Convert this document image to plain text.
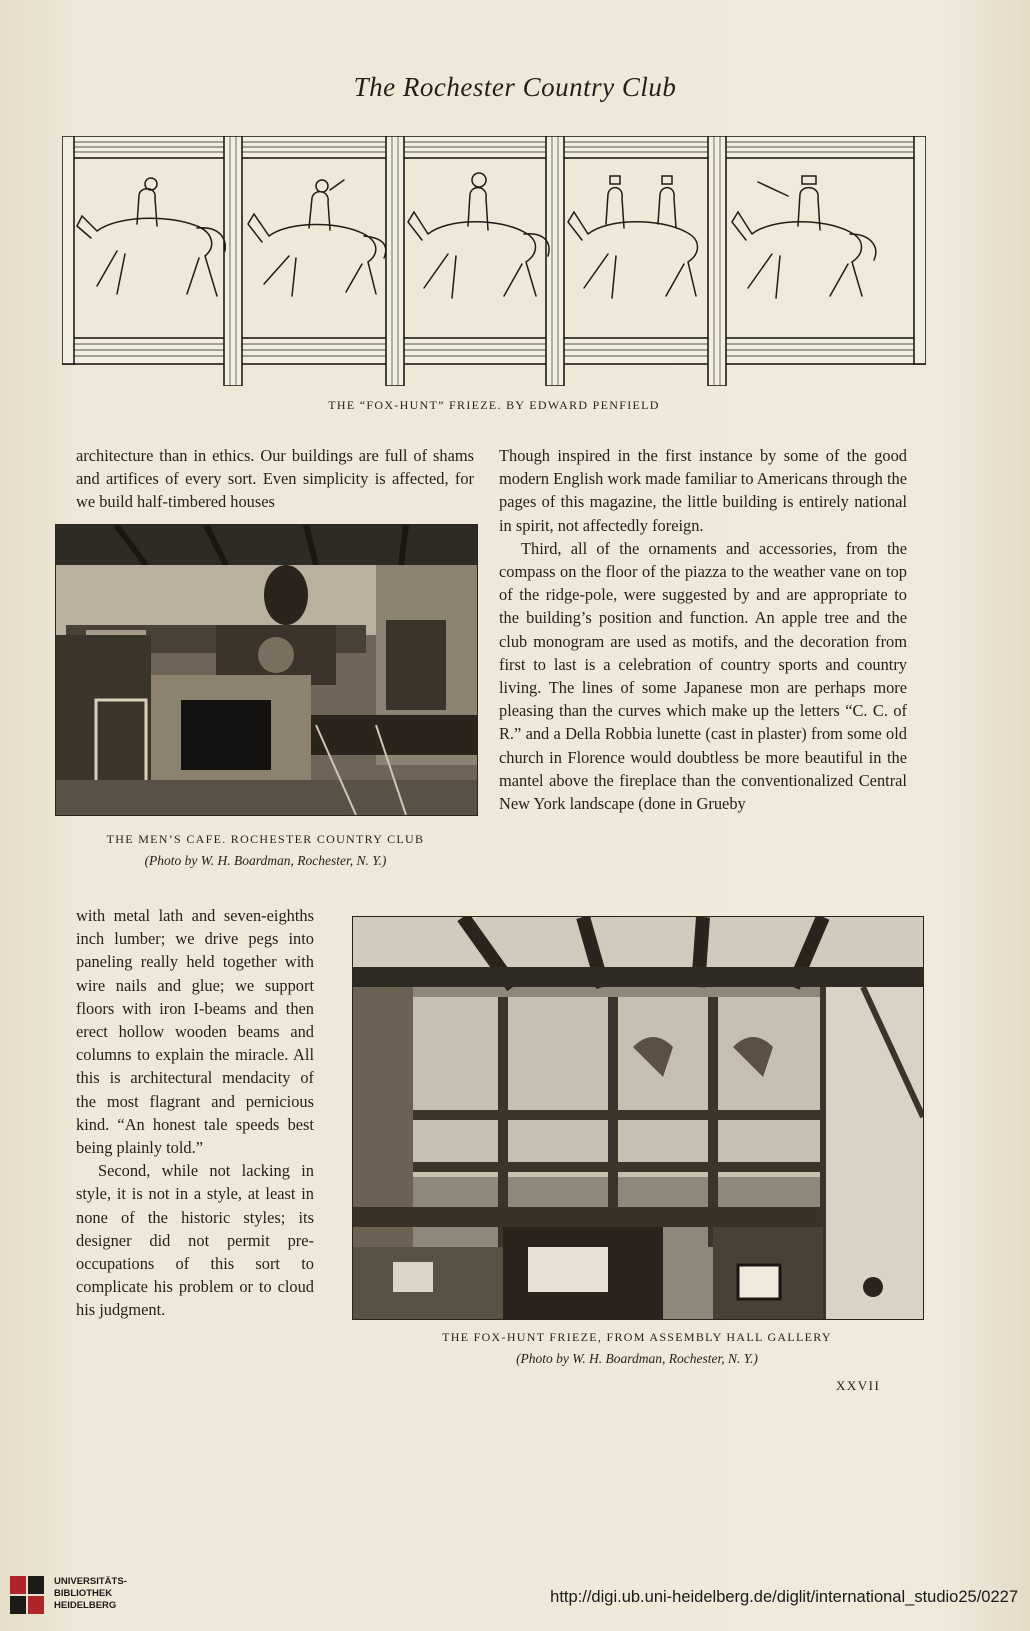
The Rochester Country Club
THE “FOX-HUNT” FRIEZE. BY EDWARD PENFIELD

architecture than in ethics. Our buildings are full of shams and artifices of every sort. Even simplicity is affected, for we build half-timbered houses

THE MEN’S CAFE. ROCHESTER COUNTRY CLUB
(Photo by W. H. Boardman, Rochester, N. Y.)

Though inspired in the first instance by some of the good modern English work made familiar to Americans through the pages of this magazine, the little building is entirely national in spirit, not affectedly foreign.

Third, all of the ornaments and accessories, from the compass on the floor of the piazza to the weather vane on top of the ridge-pole, were suggested by and are appropriate to the building’s position and function. An apple tree and the club monogram are used as motifs, and the decoration from first to last is a celebration of country sports and country living. The lines of some Japanese mon are perhaps more pleasing than the curves which make up the letters “C. C. of R.” and a Della Robbia lunette (cast in plaster) from some old church in Florence would doubtless be more beautiful in the mantel above the fireplace than the conventionalized Central New York landscape (done in Grueby

with metal lath and seven-eighths inch lumber; we drive pegs into paneling really held together with wire nails and glue; we support floors with iron I-beams and then erect hollow wooden beams and columns to explain the miracle. All this is architectural mendacity of the most flagrant and pernicious kind. “An honest tale speeds best being plainly told.”

Second, while not lacking in style, it is not in a style, at least in none of the historic styles; its designer did not permit pre-occupations of this sort to complicate his problem or to cloud his judgment.

THE FOX-HUNT FRIEZE, FROM ASSEMBLY HALL GALLERY
(Photo by W. H. Boardman, Rochester, N. Y.)
XXVII
UNIVERSITÄTS-
BIBLIOTHEK
HEIDELBERG	http://digi.ub.uni-heidelberg.de/diglit/international_studio25/0227
